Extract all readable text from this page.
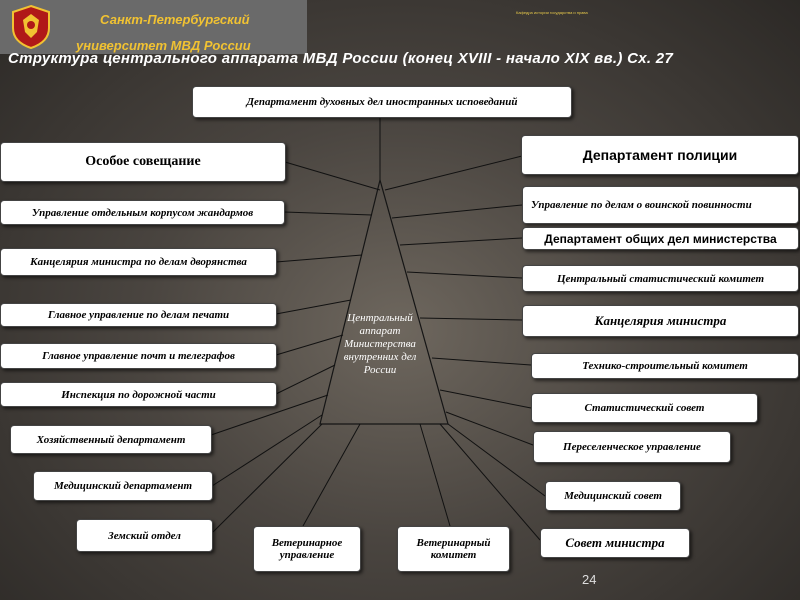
Санкт-Петербургский
университет МВД России
Кафедра истории государства и права
Структура центрального аппарата МВД России (конец XVIII - начало XIX вв.) Сх. 27
Департамент духовных дел иностранных исповеданий
Особое совещание
Управление отдельным корпусом жандармов
Канцелярия министра по делам дворянства
Главное управление по делам печати
Главное управление почт и телеграфов
Инспекция по дорожной части
Хозяйственный департамент
Медицинский департамент
Земский отдел
Ветеринарное управление
Ветеринарный комитет
Департамент полиции
Управление по делам о воинской повинности
Департамент общих дел министерства
Центральный статистический комитет
Канцелярия министра
Технико-строительный комитет
Статистический совет
Переселенческое управление
Медицинский совет
Совет министра
Центральный аппарат Министерства внутренних дел России
24
